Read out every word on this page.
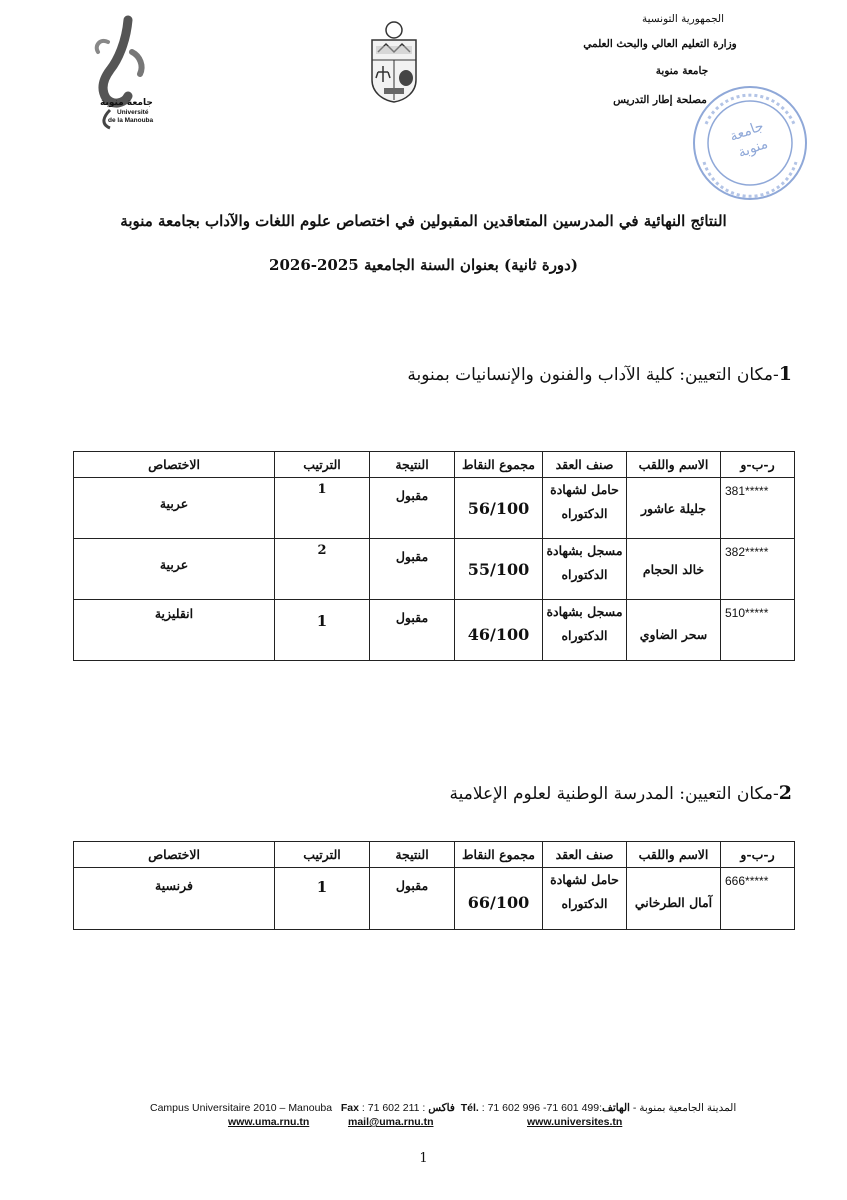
جامعة منوبة
Université
de la Manouba
الجمهورية التونسية
وزارة التعليم العالي والبحث العلمي
جامعة منوبة
مصلحة إطار التدريس
جامعة منوبة
النتائج النهائية في المدرسين المتعاقدين المقبولين في اختصاص علوم اللغات والآداب بجامعة منوبة
(دورة ثانية) بعنوان السنة الجامعية 2025-2026
1-مكان التعيين: كلية الآداب والفنون والإنسانيات بمنوبة
ر-ب-و	الاسم واللقب	صنف العقد	مجموع النقاط	النتيجة	الترتيب	الاختصاص
381*****	جليلة عاشور	حامل لشهادة
الدكتوراه	56/100	مقبول	1	عربية
382*****	خالد الحجام	مسجل بشهادة
الدكتوراه	55/100	مقبول	2	عربية
510*****	سحر الضاوي	مسجل بشهادة
الدكتوراه	46/100	مقبول	1	انقليزية
2-مكان التعيين: المدرسة الوطنية لعلوم الإعلامية
ر-ب-و	الاسم واللقب	صنف العقد	مجموع النقاط	النتيجة	الترتيب	الاختصاص
666*****	آمال الطرخاني	حامل لشهادة
الدكتوراه	66/100	مقبول	1	فرنسية
Campus Universitaire 2010 – Manouba Fax : 71 602 211 : فاكس Tél. : 71 602 996 -71 601 499:الهاتف المدينة الجامعية بمنوبة -
www.uma.rnu.tn	mail@uma.rnu.tn	www.universites.tn
1
